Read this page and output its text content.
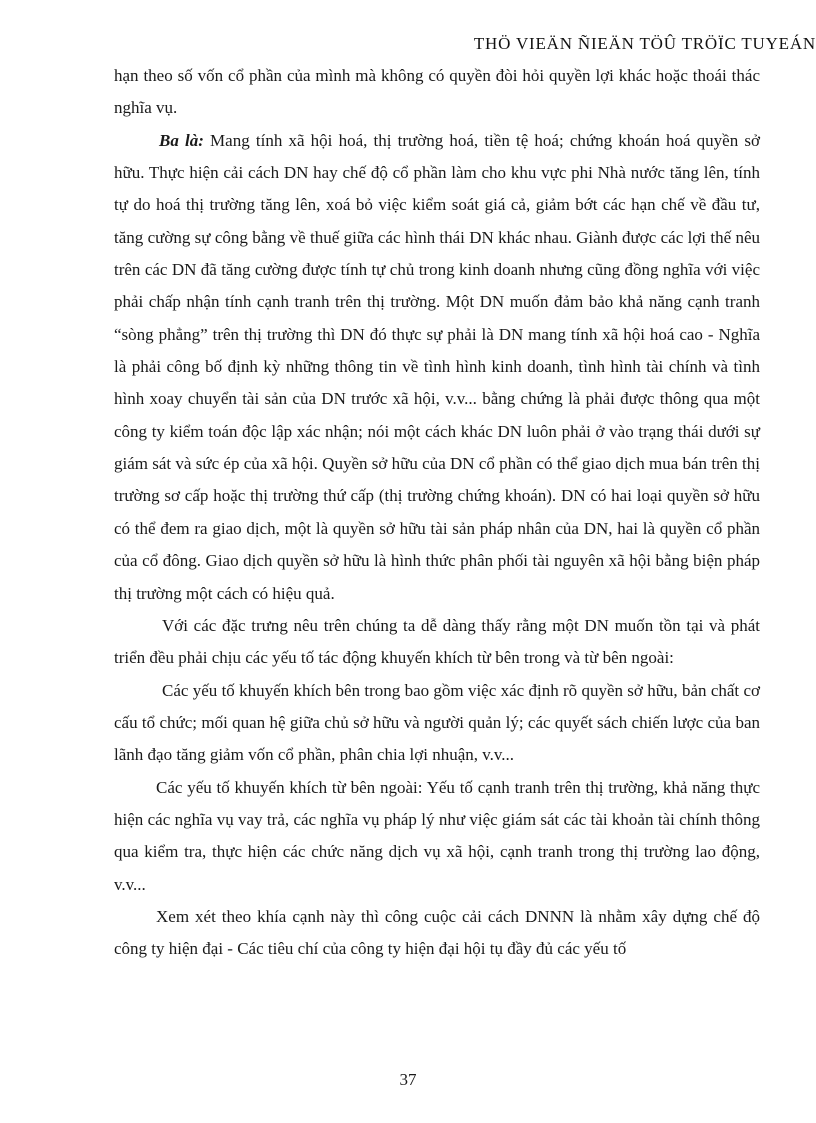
THÖ VIEÄN ÑIEÄN TÖÛ TRÖÏC TUYEÁN

hạn theo số vốn cổ phần của mình mà không có quyền đòi hỏi quyền lợi khác hoặc thoái thác nghĩa vụ.

Ba là: Mang tính xã hội hoá, thị trường hoá, tiền tệ hoá; chứng khoán hoá quyền sở hữu. Thực hiện cải cách DN hay chế độ cổ phần làm cho khu vực phi Nhà nước tăng lên, tính tự do hoá thị trường tăng lên, xoá bỏ việc kiểm soát giá cả, giảm bớt các hạn chế về đầu tư, tăng cường sự công bằng về thuế giữa các hình thái DN khác nhau. Giành được các lợi thế nêu trên các DN đã tăng cường được tính tự chủ trong kinh doanh nhưng cũng đồng nghĩa với việc phải chấp nhận tính cạnh tranh trên thị trường. Một DN muốn đảm bảo khả năng cạnh tranh “sòng phẳng” trên thị trường thì DN đó thực sự phải là DN mang tính xã hội hoá cao - Nghĩa là phải công bố định kỳ những thông tin về tình hình kinh doanh, tình hình tài chính và tình hình xoay chuyển tài sản của DN trước xã hội, v.v... bằng chứng là phải được thông qua một công ty kiểm toán độc lập xác nhận; nói một cách khác DN luôn phải ở vào trạng thái dưới sự giám sát và sức ép của xã hội. Quyền sở hữu của DN cổ phần có thể giao dịch mua bán trên thị trường sơ cấp hoặc thị trường thứ cấp (thị trường chứng khoán). DN có hai loại quyền sở hữu có thể đem ra giao dịch, một là quyền sở hữu tài sản pháp nhân của DN, hai là quyền cổ phần của cổ đông. Giao dịch quyền sở hữu là hình thức phân phối tài nguyên xã hội bằng biện pháp thị trường một cách có hiệu quả.

Với các đặc trưng nêu trên chúng ta dễ dàng thấy rằng một DN muốn tồn tại và phát triển đều phải chịu các yếu tố tác động khuyến khích từ bên trong và từ bên ngoài:

Các yếu tố khuyến khích bên trong bao gồm việc xác định rõ quyền sở hữu, bản chất cơ cấu tổ chức; mối quan hệ giữa chủ sở hữu và người quản lý; các quyết sách chiến lược của ban lãnh đạo tăng giảm vốn cổ phần, phân chia lợi nhuận, v.v...

Các yếu tố khuyến khích từ bên ngoài: Yếu tố cạnh tranh trên thị trường, khả năng thực hiện các nghĩa vụ vay trả, các nghĩa vụ pháp lý như việc giám sát các tài khoản tài chính thông qua kiểm tra, thực hiện các chức năng dịch vụ xã hội, cạnh tranh trong thị trường lao động, v.v...

Xem xét theo khía cạnh này thì công cuộc cải cách DNNN là nhằm xây dựng chế độ công ty hiện đại - Các tiêu chí của công ty hiện đại hội tụ đầy đủ các yếu tố

37
